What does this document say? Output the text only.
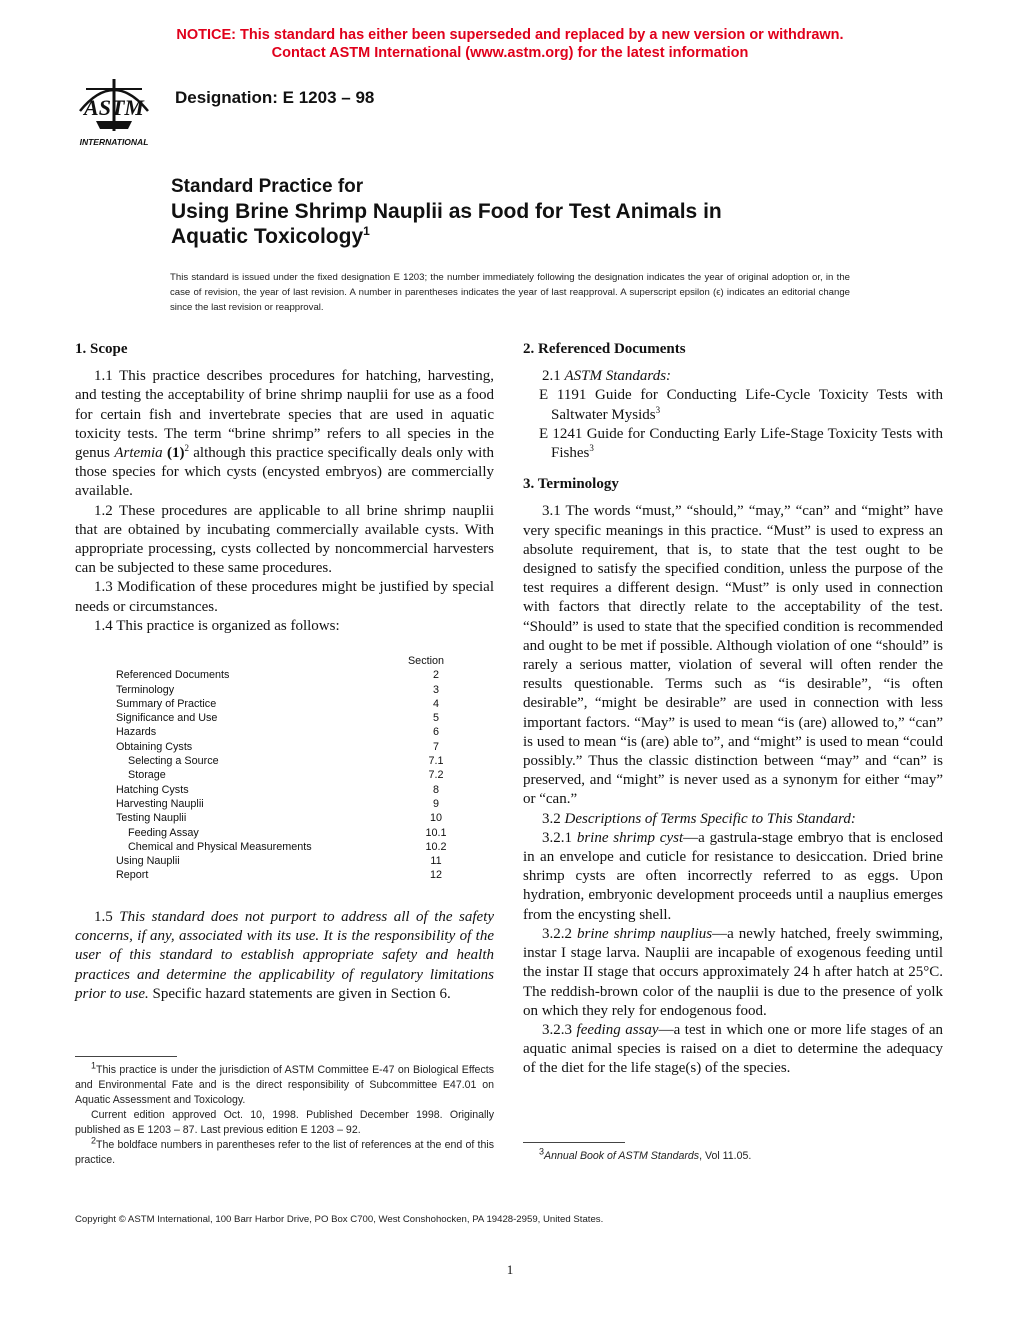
NOTICE: This standard has either been superseded and replaced by a new version or withdrawn.
Contact ASTM International (www.astm.org) for the latest information
ASTM
INTERNATIONAL
Designation: E 1203 – 98
Standard Practice for
Using Brine Shrimp Nauplii as Food for Test Animals in
Aquatic Toxicology$^1$
This standard is issued under the fixed designation E 1203; the number immediately following the designation indicates the year of original adoption or, in the case of revision, the year of last revision. A number in parentheses indicates the year of last reapproval. A superscript epsilon (ϵ) indicates an editorial change since the last revision or reapproval.

1. Scope

1.1 This practice describes procedures for hatching, harvesting, and testing the acceptability of brine shrimp nauplii for use as a food for certain fish and invertebrate species that are used in aquatic toxicity tests. The term “brine shrimp” refers to all species in the genus Artemia $(1)^2$ although this practice specifically deals only with those species for which cysts (encysted embryos) are commercially available.

1.2 These procedures are applicable to all brine shrimp nauplii that are obtained by incubating commercially available cysts. With appropriate processing, cysts collected by noncommercial harvesters can be subjected to these same procedures.

1.3 Modification of these procedures might be justified by special needs or circumstances.

1.4 This practice is organized as follows:

Section
Referenced Documents	2
Terminology	3
Summary of Practice	4
Significance and Use	5
Hazards	6
Obtaining Cysts	7
Selecting a Source	7.1
Storage	7.2
Hatching Cysts	8
Harvesting Nauplii	9
Testing Nauplii	10
Feeding Assay	10.1
Chemical and Physical Measurements	10.2
Using Nauplii	11
Report	12

1.5 This standard does not purport to address all of the safety concerns, if any, associated with its use. It is the responsibility of the user of this standard to establish appropriate safety and health practices and determine the applicability of regulatory limitations prior to use. Specific hazard statements are given in Section 6.

$^1$This practice is under the jurisdiction of ASTM Committee E-47 on Biological Effects and Environmental Fate and is the direct responsibility of Subcommittee E47.01 on Aquatic Assessment and Toxicology.

Current edition approved Oct. 10, 1998. Published December 1998. Originally published as E 1203 – 87. Last previous edition E 1203 – 92.

$^2$The boldface numbers in parentheses refer to the list of references at the end of this practice.

2. Referenced Documents

2.1 ASTM Standards:

E 1191 Guide for Conducting Life-Cycle Toxicity Tests with Saltwater Mysids$^3$

E 1241 Guide for Conducting Early Life-Stage Toxicity Tests with Fishes$^3$

3. Terminology

3.1 The words “must,” “should,” “may,” “can” and “might” have very specific meanings in this practice. “Must” is used to express an absolute requirement, that is, to state that the test ought to be designed to satisfy the specified condition, unless the purpose of the test requires a different design. “Must” is only used in connection with factors that directly relate to the acceptability of the test. “Should” is used to state that the specified condition is recommended and ought to be met if possible. Although violation of one “should” is rarely a serious matter, violation of several will often render the results questionable. Terms such as “is desirable”, “is often desirable”, “might be desirable” are used in connection with less important factors. “May” is used to mean “is (are) allowed to,” “can” is used to mean “is (are) able to”, and “might” is used to mean “could possibly.” Thus the classic distinction between “may” and “can” is preserved, and “might” is never used as a synonym for either “may” or “can.”

3.2 Descriptions of Terms Specific to This Standard:

3.2.1 brine shrimp cyst—a gastrula-stage embryo that is enclosed in an envelope and cuticle for resistance to desiccation. Dried brine shrimp cysts are often incorrectly referred to as eggs. Upon hydration, embryonic development proceeds until a nauplius emerges from the encysting shell.

3.2.2 brine shrimp nauplius—a newly hatched, freely swimming, instar I stage larva. Nauplii are incapable of exogenous feeding until the instar II stage that occurs approximately 24 h after hatch at 25°C. The reddish-brown color of the nauplii is due to the presence of yolk on which they rely for endogenous food.

3.2.3 feeding assay—a test in which one or more life stages of an aquatic animal species is raised on a diet to determine the adequacy of the diet for the life stage(s) of the species.

$^3$Annual Book of ASTM Standards, Vol 11.05.

Copyright © ASTM International, 100 Barr Harbor Drive, PO Box C700, West Conshohocken, PA 19428-2959, United States.
1
